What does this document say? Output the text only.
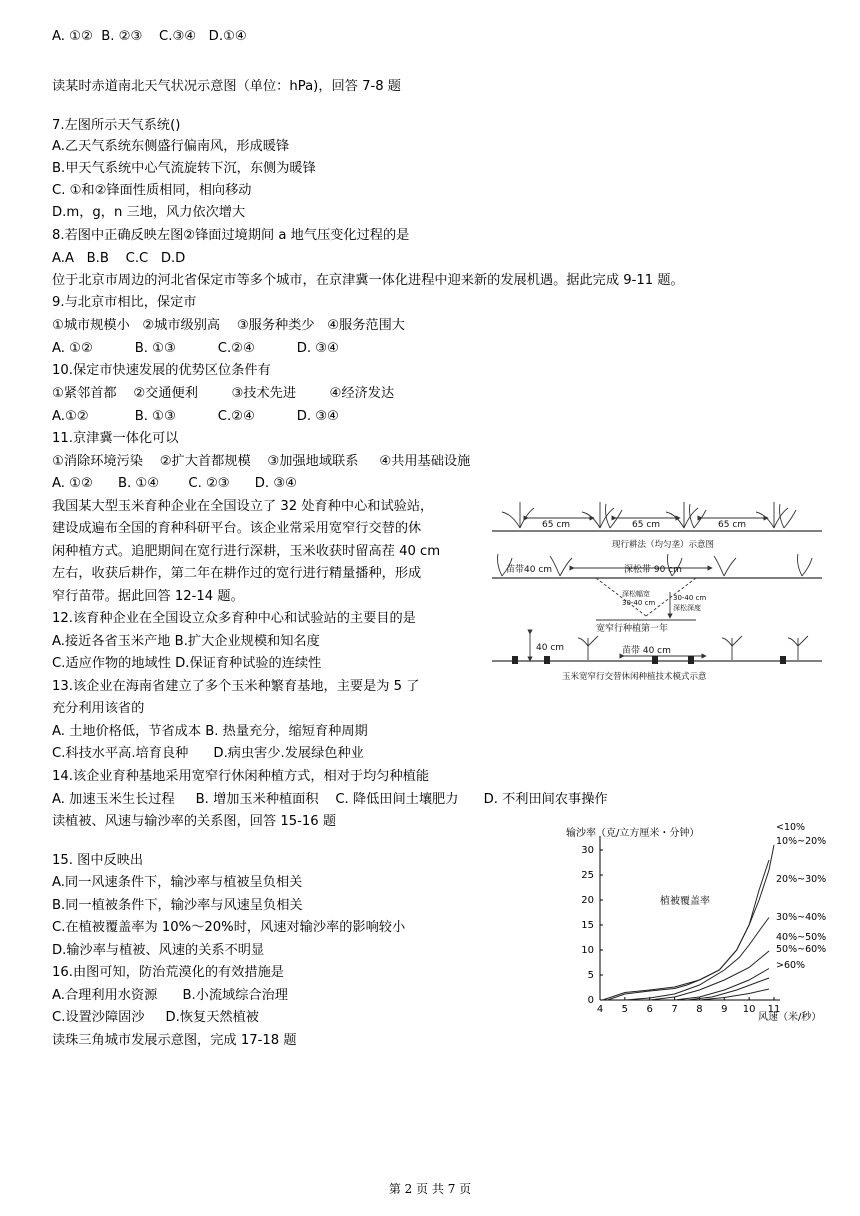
A. ①②  B. ②③    C.③④   D.①④
读某时赤道南北天气状况示意图（单位：hPa)，回答 7-8 题
7.左图所示天气系统()
A.乙天气系统东侧盛行偏南风，形成暖锋
B.甲天气系统中心气流旋转下沉，东侧为暖锋
C. ①和②锋面性质相同，相向移动
D.m，g，n 三地，风力依次增大
8.若图中正确反映左图②锋面过境期间 a 地气压变化过程的是
A.A   B.B    C.C   D.D
位于北京市周边的河北省保定市等多个城市，在京津冀一体化进程中迎来新的发展机遇。据此完成 9-11 题。
9.与北京市相比，保定市
①城市规模小   ②城市级别高    ③服务种类少   ④服务范围大
A. ①②          B. ①③          C.②④          D. ③④
10.保定市快速发展的优势区位条件有
①紧邻首都    ②交通便利        ③技术先进        ④经济发达
A.①②           B. ①③          C.②④          D. ③④
11.京津冀一体化可以
①消除环境污染    ②扩大首都规模    ③加强地域联系     ④共用基础设施
A. ①②      B. ①④       C. ②③      D. ③④
我国某大型玉米育种企业在全国设立了 32 处育种中心和试验站，
建设成遍布全国的育种科研平台。该企业常采用宽窄行交替的休
闲种植方式。追肥期间在宽行进行深耕，玉米收获时留高茬 40 cm
左右，收获后耕作，第二年在耕作过的宽行进行精量播种，形成
窄行苗带。据此回答 12-14 题。
12.该育种企业在全国设立众多育种中心和试验站的主要目的是
A.接近各省玉米产地 B.扩大企业规模和知名度
C.适应作物的地域性 D.保证育种试验的连续性
13.该企业在海南省建立了多个玉米种繁育基地，主要是为 5 了
充分利用该省的
A. 土地价格低，节省成本 B. 热量充分，缩短育种周期
C.科技水平高.培育良种      D.病虫害少.发展绿色种业
14.该企业育种基地采用宽窄行休闲种植方式，相对于均匀种植能
A. 加速玉米生长过程     B. 增加玉米种植面积    C. 降低田间土壤肥力      D. 不利田间农事操作
读植被、风速与输沙率的关系图，回答 15-16 题
15. 图中反映出
A.同一风速条件下，输沙率与植被呈负相关
B.同一植被条件下，输沙率与风速呈负相关
C.在植被覆盖率为 10%～20%时，风速对输沙率的影响较小
D.输沙率与植被、风速的关系不明显
16.由图可知，防治荒漠化的有效措施是
A.合理利用水资源      B.小流域综合治理
C.设置沙障固沙     D.恢复天然植被
读珠三角城市发展示意图，完成 17-18 题
65 cm	65 cm	65 cm
现行耕法（均匀垄）示意图
苗带40 cm	深松带 90 cm
深松幅宽
30-40 cm
30-40 cm
深松深度
宽窄行种植第一年
40 cm	苗带 40 cm
玉米宽窄行交替休闲种植技术模式示意
输沙率（克/立方厘米・分钟）
风速（米/秒）
植被覆盖率
0
5
10
15
20
25
30
4 5 6 7 8 9 10 11
<10%
10%~20%
20%~30%
30%~40%
40%~50%
50%~60%
>60%
第 2 页 共 7 页
